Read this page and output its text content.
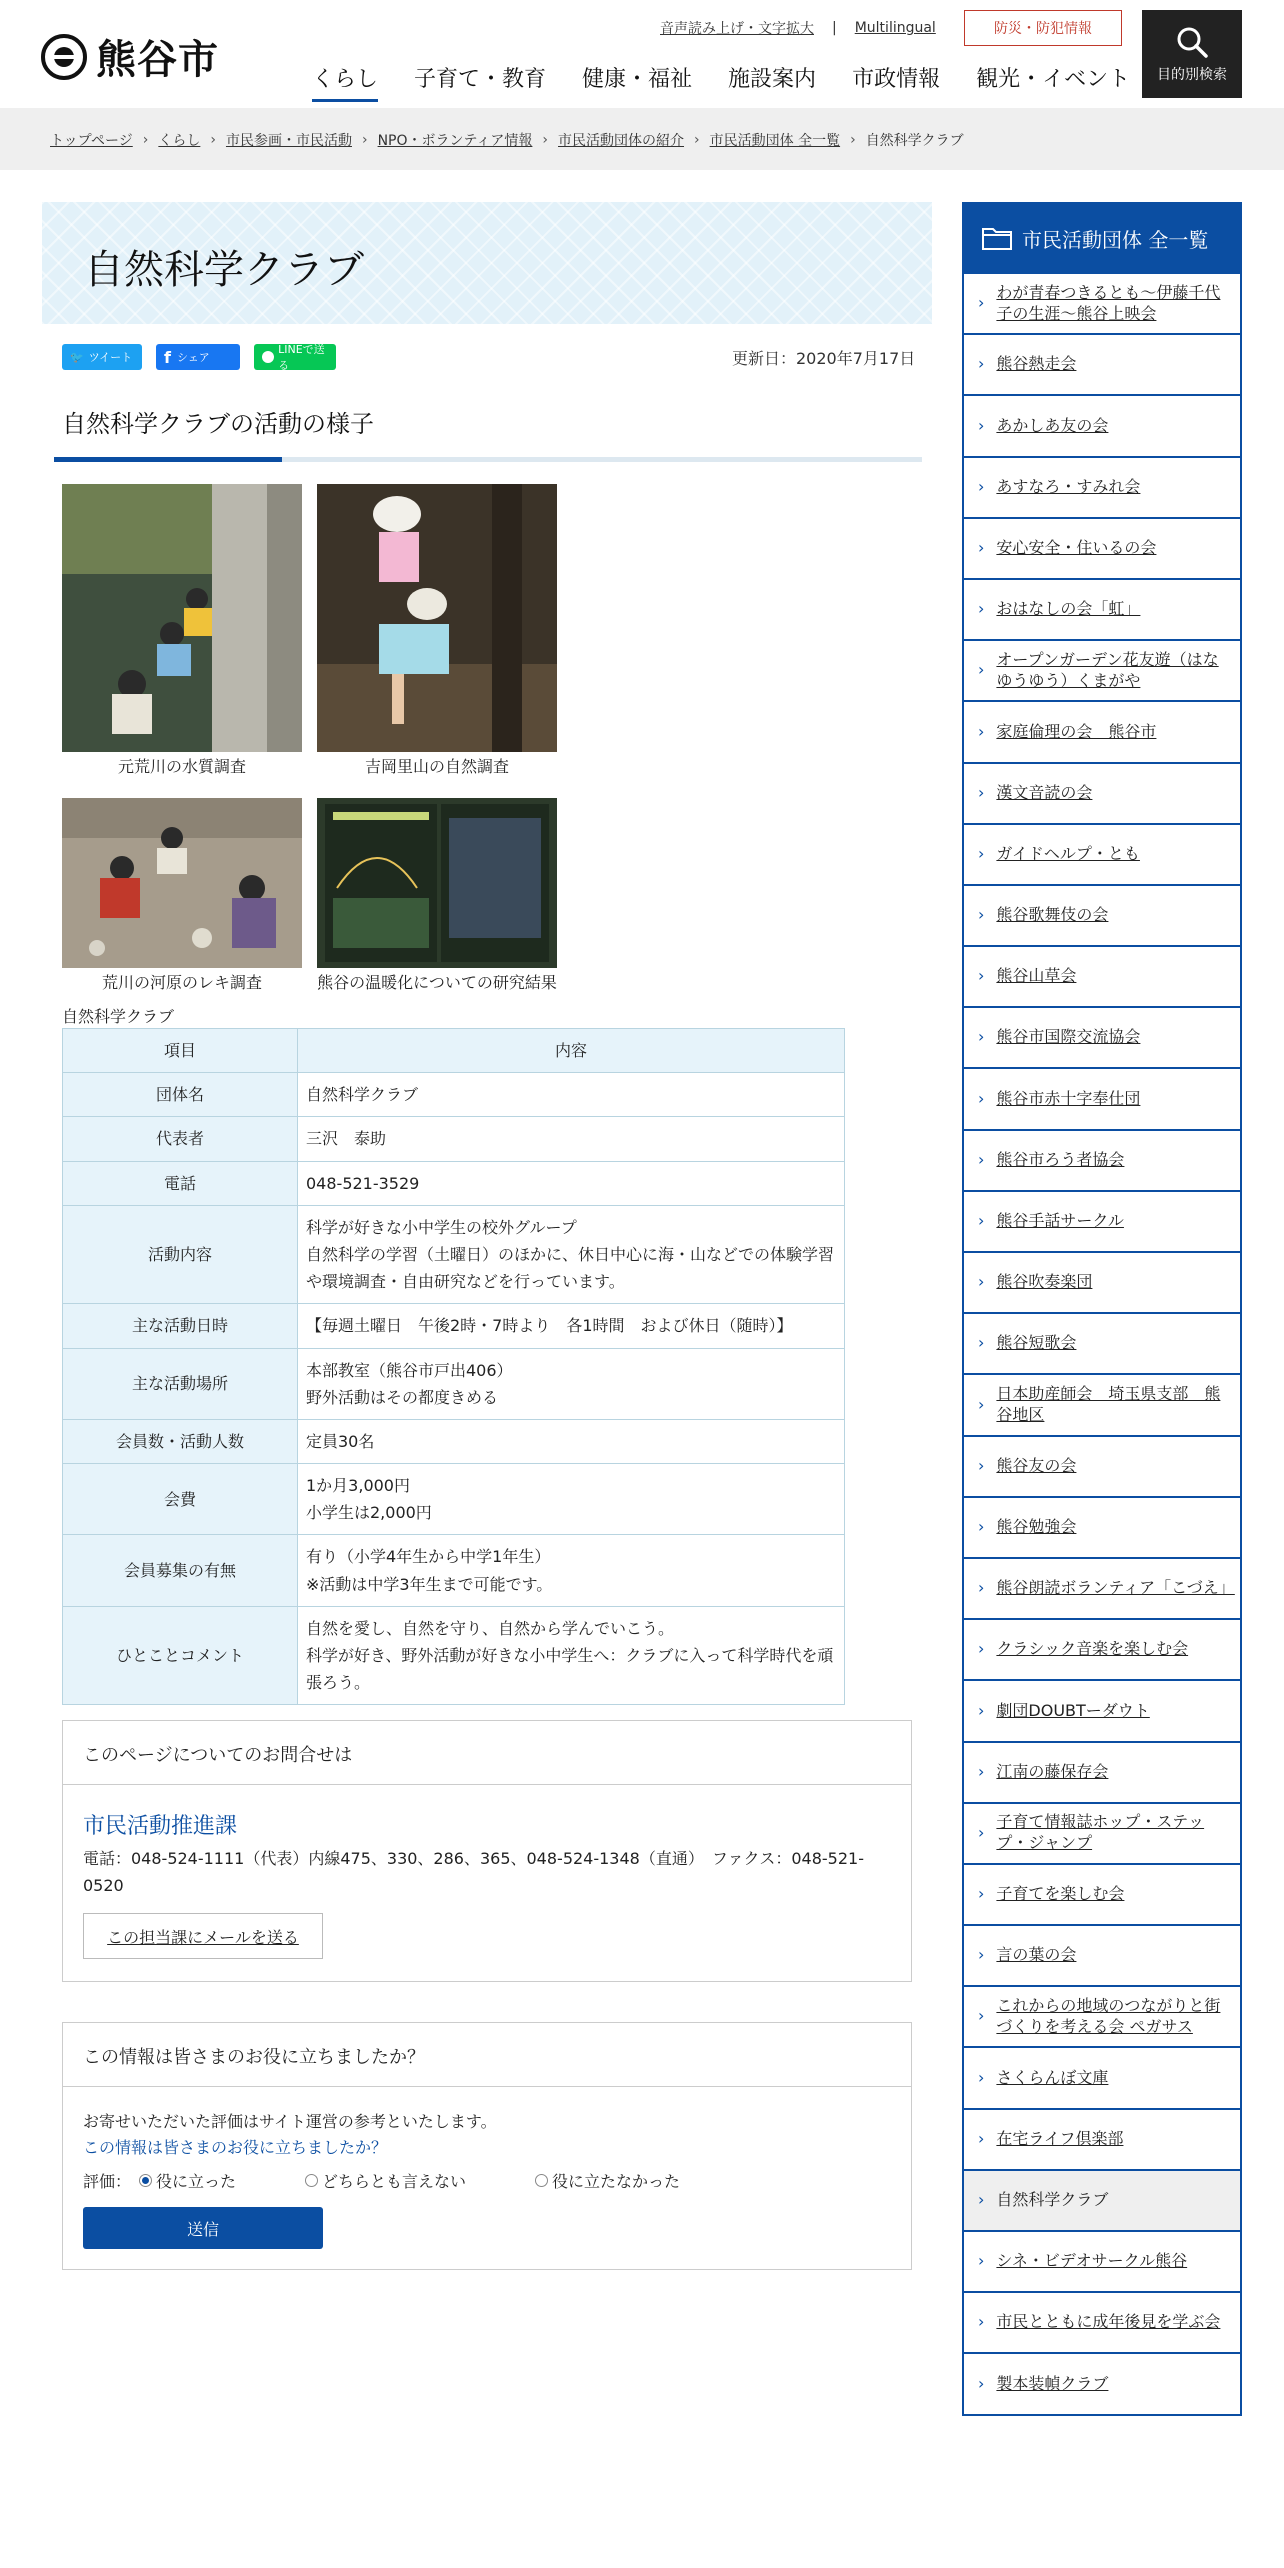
熊谷市
音声読み上げ・文字拡大 | Multilingual	防災・防犯情報
目的別検索
くらし 子育て・教育 健康・福祉 施設案内 市政情報 観光・イベント
トップページ › くらし › 市民参画・市民活動 › NPO・ボランティア情報 › 市民活動団体の紹介 › 市民活動団体 全一覧 › 自然科学クラブ
自然科学クラブ
🐦 ツイート f シェア
LINEで送る	更新日：2020年7月17日
自然科学クラブの活動の様子
元荒川の水質調査	吉岡里山の自然調査
荒川の河原のレキ調査	熊谷の温暖化についての研究結果
自然科学クラブ
項目	内容
団体名	自然科学クラブ

代表者	三沢　泰助

電話	048-521-3529

活動内容	科学が好きな小中学生の校外グループ
自然科学の学習（土曜日）のほかに、休日中心に海・山などでの体験学習や環境調査・自由研究などを行っています。

主な活動日時	【毎週土曜日　午後2時・7時より　各1時間　および休日（随時）】

主な活動場所	本部教室（熊谷市戸出406）
野外活動はその都度きめる

会員数・活動人数	定員30名

会費	1か月3,000円
小学生は2,000円

会員募集の有無	有り（小学4年生から中学1年生）
※活動は中学3年生まで可能です。

ひとことコメント	自然を愛し、自然を守り、自然から学んでいこう。
科学が好き、野外活動が好きな小中学生へ：クラブに入って科学時代を頑張ろう。
このページについてのお問合せは
市民活動推進課
電話：048-524-1111（代表）内線475、330、286、365、048-524-1348（直通）　ファクス：048-521-0520
この担当課にメールを送る
この情報は皆さまのお役に立ちましたか？
お寄せいただいた評価はサイト運営の参考といたします。
この情報は皆さまのお役に立ちましたか？
評価： 役に立った	どちらとも言えない	役に立たなかった
送信
市民活動団体 全一覧
›
わが青春つきるとも〜伊藤千代子の生涯〜熊谷上映会
› 熊谷熱走会
› あかしあ友の会
› あすなろ・すみれ会
› 安心安全・住いるの会
› おはなしの会「虹」
›
オープンガーデン花友遊（はなゆうゆう）くまがや
› 家庭倫理の会　熊谷市
› 漢文音読の会
› ガイドヘルプ・とも
› 熊谷歌舞伎の会
› 熊谷山草会
› 熊谷市国際交流協会
› 熊谷市赤十字奉仕団
› 熊谷市ろう者協会
› 熊谷手話サークル
› 熊谷吹奏楽団
› 熊谷短歌会
›
日本助産師会　埼玉県支部　熊谷地区
› 熊谷友の会
› 熊谷勉強会
› 熊谷朗読ボランティア「こづえ」
› クラシック音楽を楽しむ会
› 劇団DOUBTーダウト
› 江南の藤保存会
›
子育て情報誌ホップ・ステップ・ジャンプ
› 子育てを楽しむ会
› 言の葉の会
›
これからの地域のつながりと街づくりを考える会 ペガサス
› さくらんぼ文庫
› 在宅ライフ倶楽部
› 自然科学クラブ
› シネ・ビデオサークル熊谷
› 市民とともに成年後見を学ぶ会
› 製本装幀クラブ
